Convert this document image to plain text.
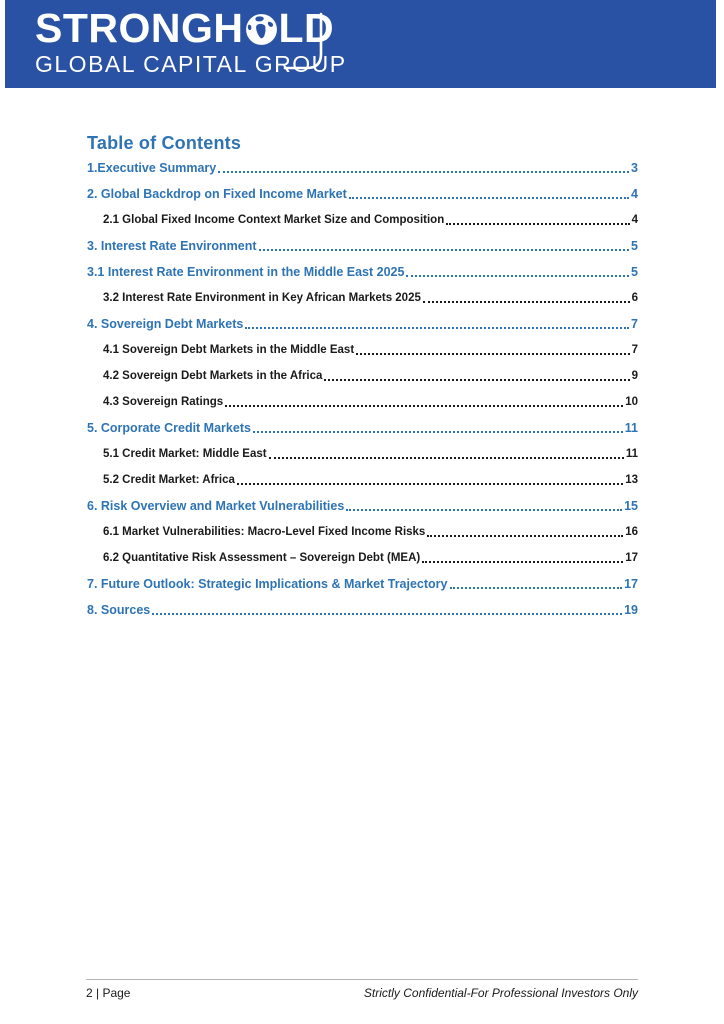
STRONGH LD
GLOBAL CAPITAL GROUP
Table of Contents
1.Executive Summary	3
2. Global Backdrop on Fixed Income Market	4
2.1 Global Fixed Income Context Market Size and Composition	4
3. Interest Rate Environment	5
3.1 Interest Rate Environment in the Middle East 2025	5
3.2 Interest Rate Environment in Key African Markets 2025	6
4. Sovereign Debt Markets	7
4.1 Sovereign Debt Markets in the Middle East	7
4.2 Sovereign Debt Markets in the Africa	9
4.3 Sovereign Ratings	10
5. Corporate Credit Markets	11
5.1 Credit Market: Middle East	11
5.2 Credit Market: Africa	13
6. Risk Overview and Market Vulnerabilities	15
6.1 Market Vulnerabilities: Macro-Level Fixed Income Risks	16
6.2 Quantitative Risk Assessment – Sovereign Debt (MEA)	17
7. Future Outlook: Strategic Implications & Market Trajectory	17
8. Sources	19
2 | Page	Strictly Confidential-For Professional Investors Only
